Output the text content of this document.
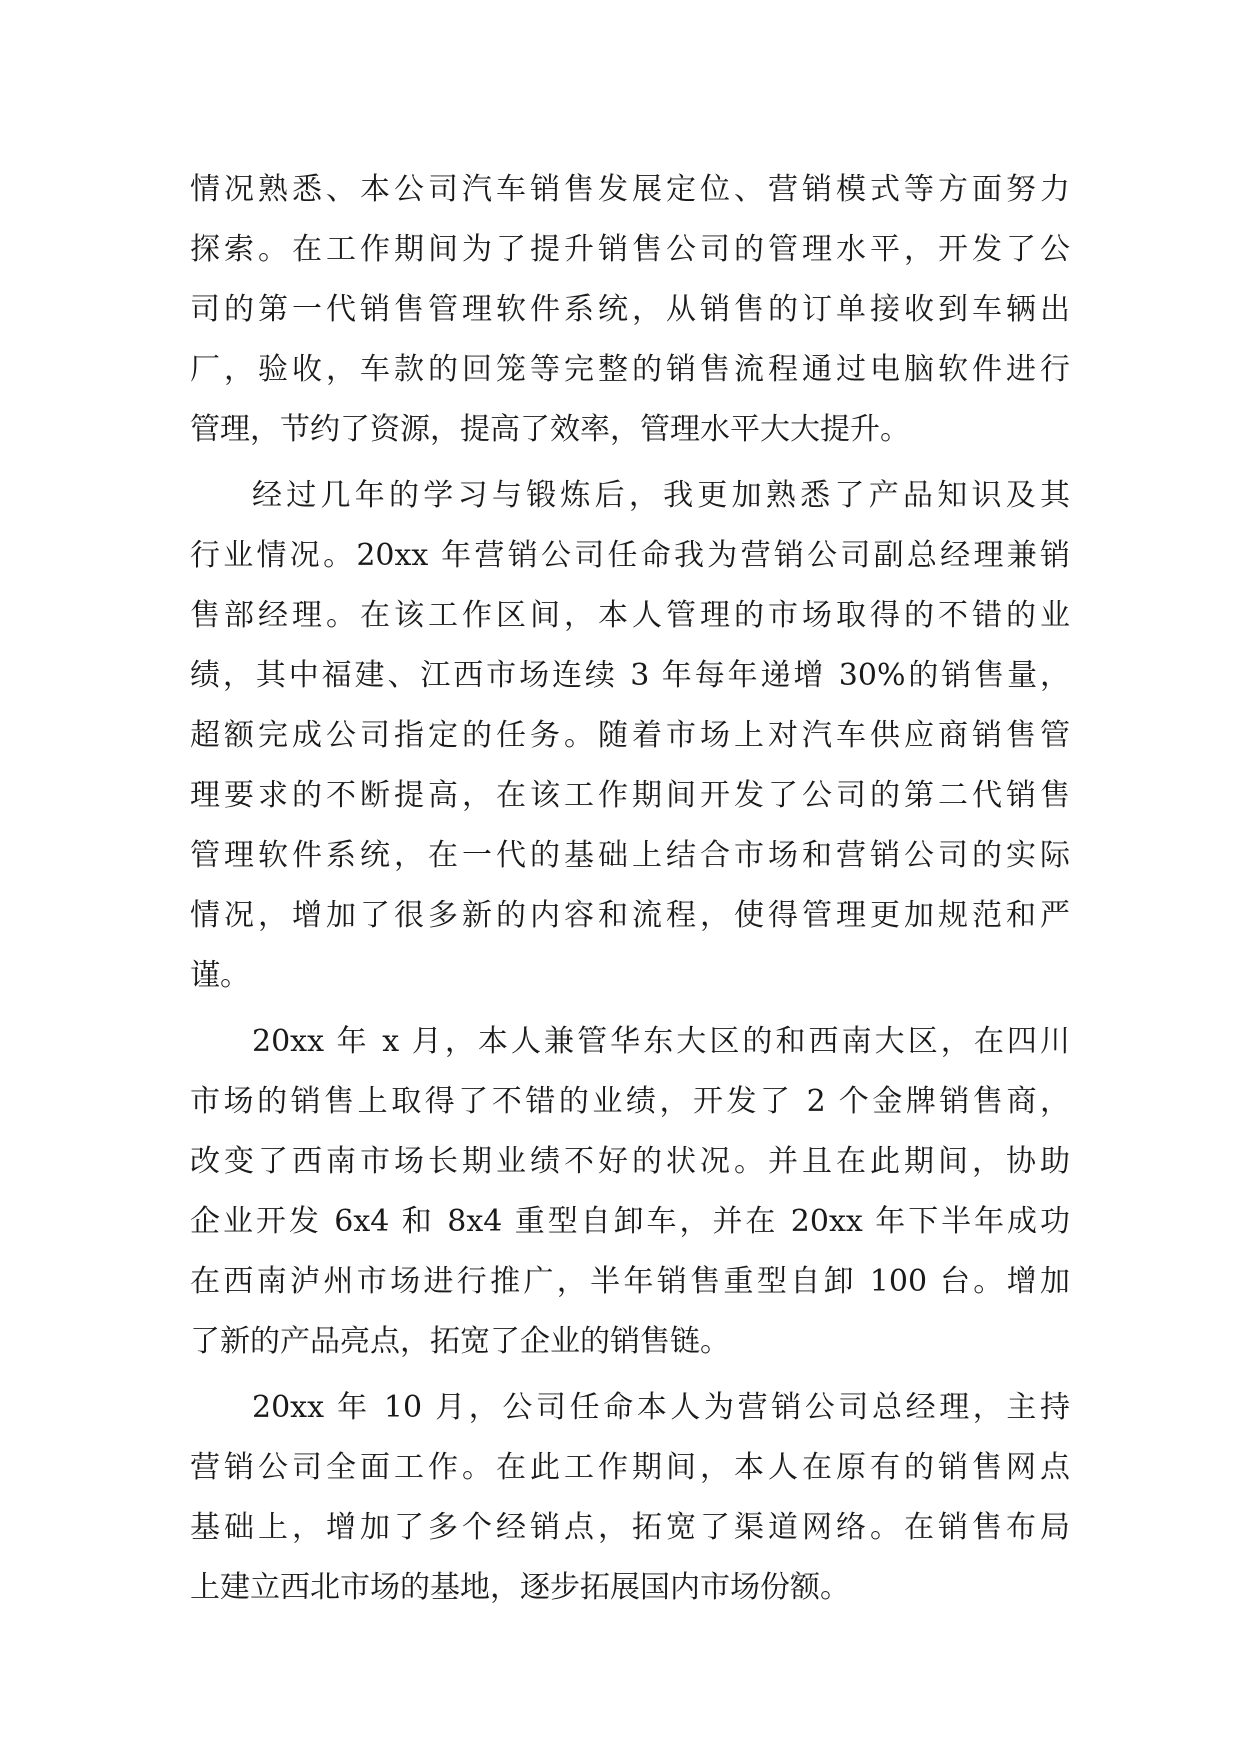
情况熟悉、本公司汽车销售发展定位、营销模式等方面努力
探索。在工作期间为了提升销售公司的管理水平，开发了公
司的第一代销售管理软件系统，从销售的订单接收到车辆出
厂，验收，车款的回笼等完整的销售流程通过电脑软件进行
管理，节约了资源，提高了效率，管理水平大大提升。
经过几年的学习与锻炼后，我更加熟悉了产品知识及其
行业情况。20xx 年营销公司任命我为营销公司副总经理兼销
售部经理。在该工作区间，本人管理的市场取得的不错的业
绩，其中福建、江西市场连续 3 年每年递增 30%的销售量，
超额完成公司指定的任务。随着市场上对汽车供应商销售管
理要求的不断提高，在该工作期间开发了公司的第二代销售
管理软件系统，在一代的基础上结合市场和营销公司的实际
情况，增加了很多新的内容和流程，使得管理更加规范和严
谨。
20xx 年 x 月，本人兼管华东大区的和西南大区，在四川
市场的销售上取得了不错的业绩，开发了 2 个金牌销售商，
改变了西南市场长期业绩不好的状况。并且在此期间，协助
企业开发 6x4 和 8x4 重型自卸车，并在 20xx 年下半年成功
在西南泸州市场进行推广，半年销售重型自卸 100 台。增加
了新的产品亮点，拓宽了企业的销售链。
20xx 年 10 月，公司任命本人为营销公司总经理，主持
营销公司全面工作。在此工作期间，本人在原有的销售网点
基础上，增加了多个经销点，拓宽了渠道网络。在销售布局
上建立西北市场的基地，逐步拓展国内市场份额。
